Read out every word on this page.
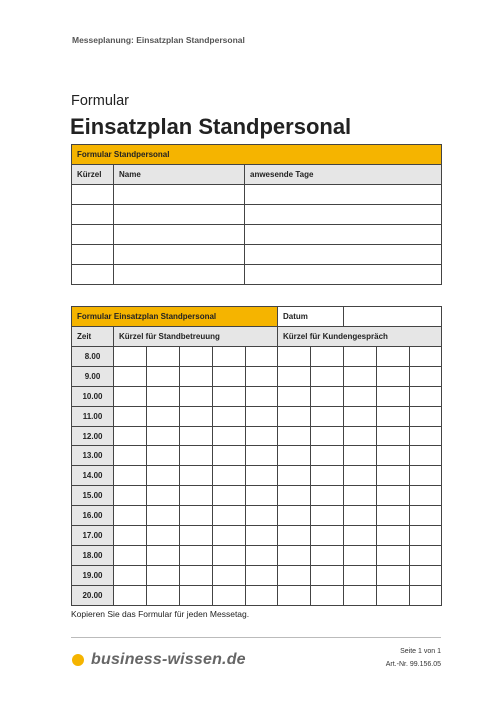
Messeplanung: Einsatzplan Standpersonal
Formular
Einsatzplan Standpersonal
Formular Standpersonal		
Kürzel	Name	anwesende Tage

Formular Einsatzplan Standpersonal						Datum				
Zeit	Kürzel für Standbetreuung					Kürzel für Kundengespräch				
8.00										
9.00										
10.00										
11.00										
12.00										
13.00										
14.00										
15.00										
16.00										
17.00										
18.00										
19.00										
20.00										
Kopieren Sie das Formular für jeden Messetag.
business-wissen.de	Seite 1 von 1
Art.-Nr. 99.156.05
